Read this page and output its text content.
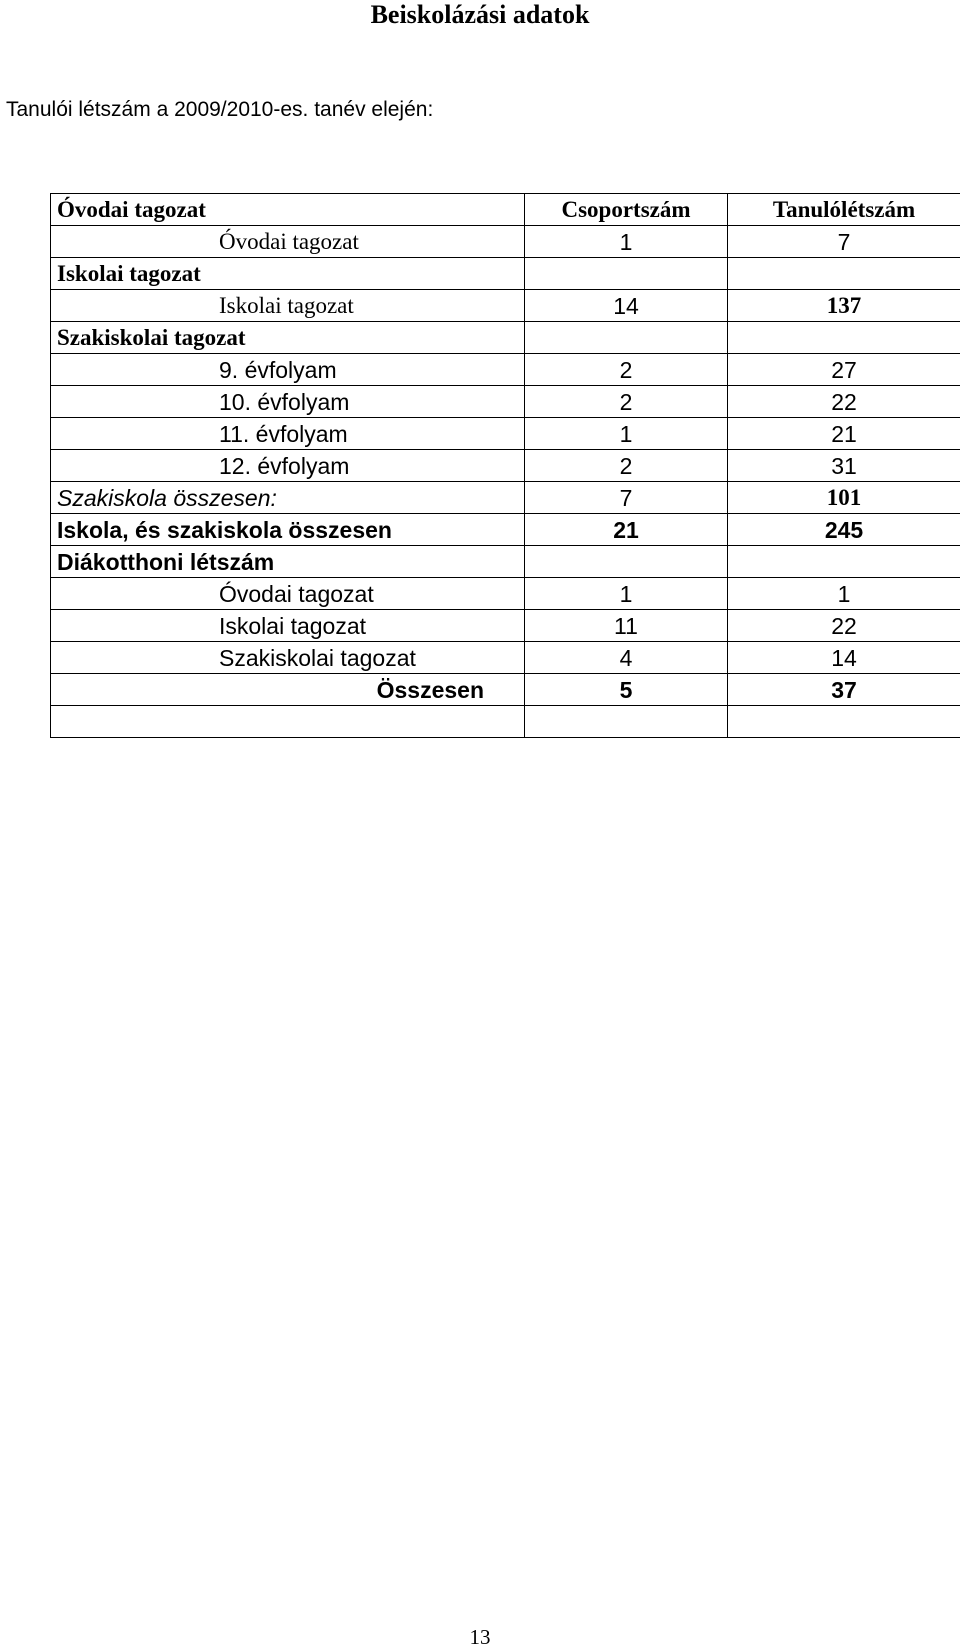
Beiskolázási adatok
Tanulói létszám a 2009/2010-es. tanév elején:
Óvodai tagozat	Csoportszám	Tanulólétszám
Óvodai tagozat	1	7
Iskolai tagozat		
Iskolai tagozat	14	137
Szakiskolai tagozat		
9. évfolyam	2	27
10. évfolyam	2	22
11. évfolyam	1	21
12. évfolyam	2	31
Szakiskola összesen:	7	101
Iskola, és szakiskola összesen	21	245
Diákotthoni létszám		
Óvodai tagozat	1	1
Iskolai tagozat	11	22
Szakiskolai tagozat	4	14
Összesen	5	37

13
